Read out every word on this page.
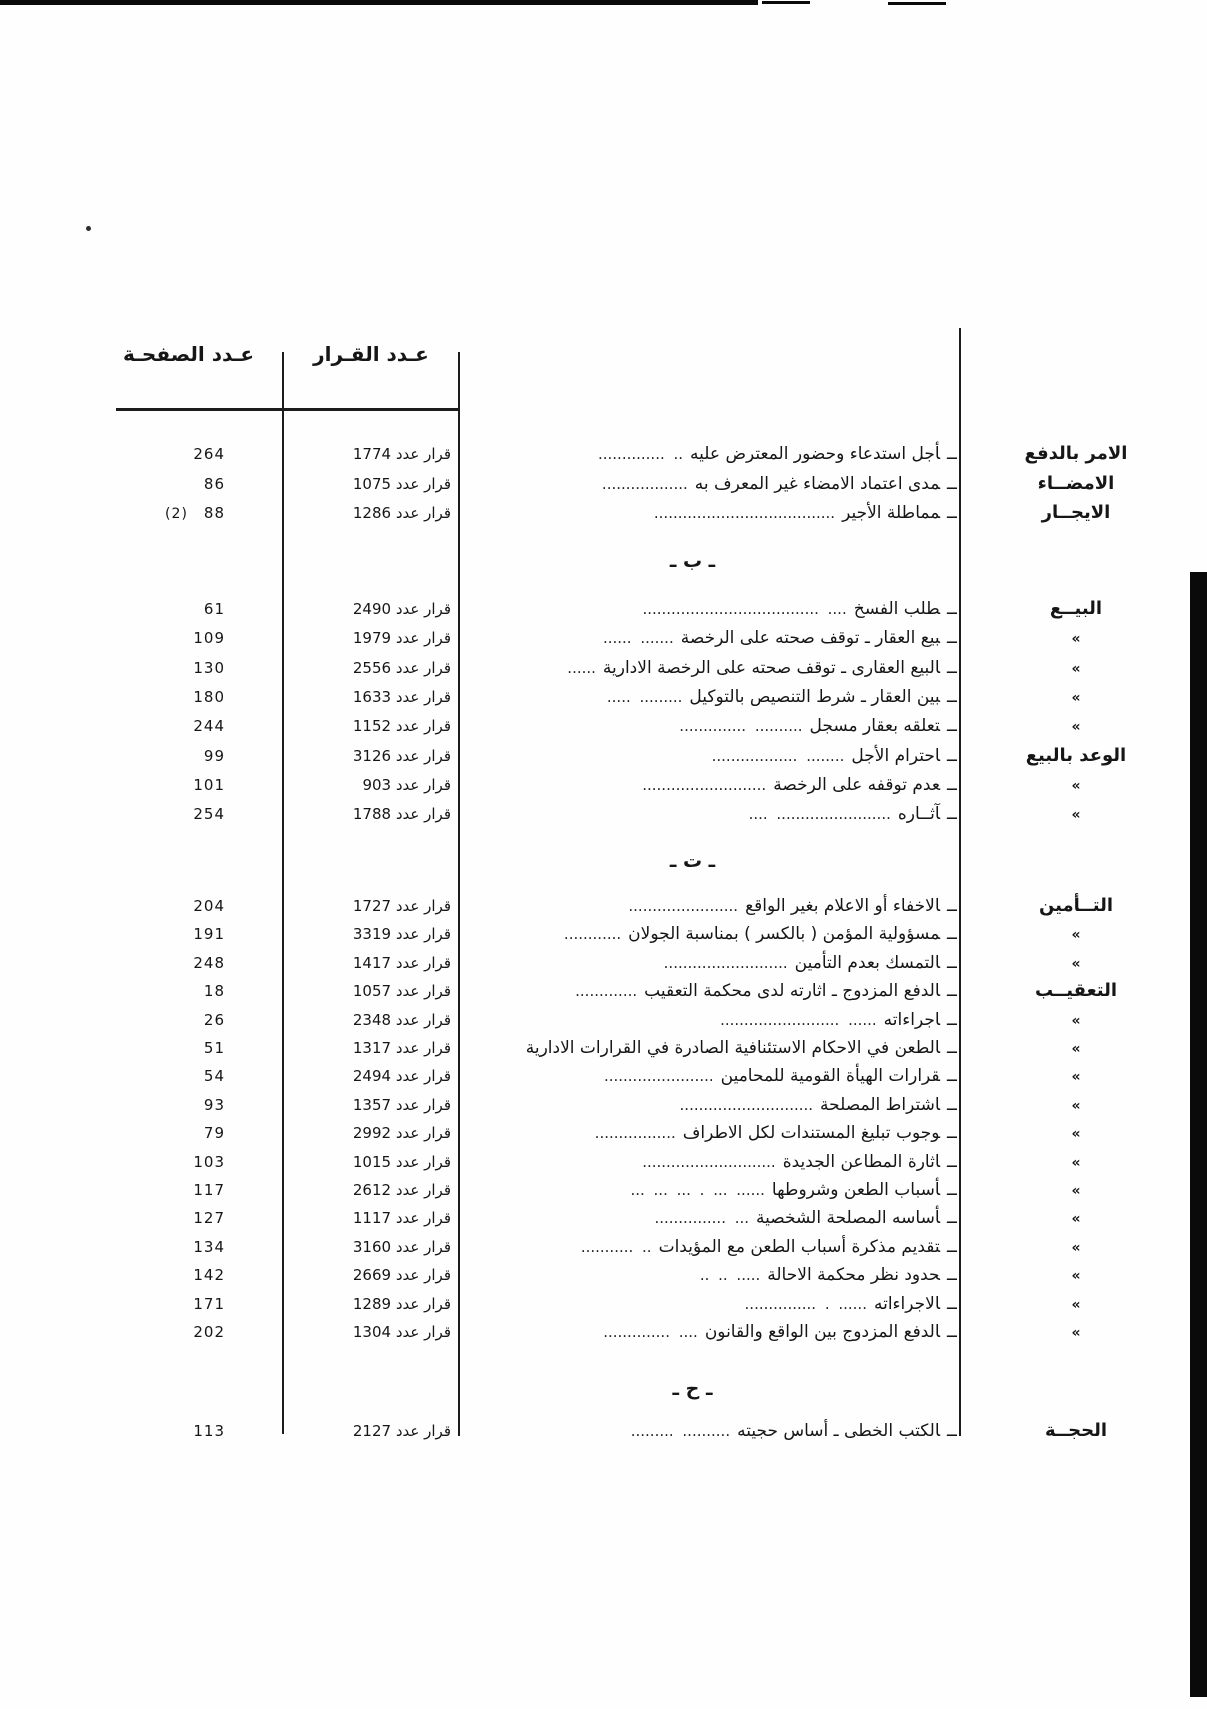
عـدد الصفحـة	عـدد القـرار
264	قرار عدد 1774	ــأجل استدعاء وحضور المعترض عليه.. ..............	الامر بالدفع
86	قرار عدد 1075	ــمدى اعتماد الامضاء غير المعرف به..................	الامضــاء
88(2)	قرار عدد 1286	ــمماطلة الأجير......................................	الايجــار
ـ ب ـ
61	قرار عدد 2490	ــطلب الفسخ.... .....................................	البيــع
109	قرار عدد 1979	ــبيع العقار ـ توقف صحته على الرخصة....... ......	»
130	قرار عدد 2556	ــالبيع العقارى ـ توقف صحته على الرخصة الادارية......	»
180	قرار عدد 1633	ــبين العقار ـ شرط التنصيص بالتوكيل......... .....	»
244	قرار عدد 1152	ــتعلقه بعقار مسجل.......... ..............	»
99	قرار عدد 3126	ــاحترام الأجل........ ..................	الوعد بالبيع
101	قرار عدد 903	ــعدم توقفه على الرخصة..........................	»
254	قرار عدد 1788	ــآثــاره........................ ....	»
ـ ت ـ
204	قرار عدد 1727	ــالاخفاء أو الاعلام بغير الواقع.......................	التــأمين
191	قرار عدد 3319	ــمسؤولية المؤمن ( بالكسر ) بمناسبة الجولان............	»
248	قرار عدد 1417	ــالتمسك بعدم التأمين..........................	»
18	قرار عدد 1057	ــالدفع المزدوج ـ اثارته لدى محكمة التعقيب.............	التعقيــب
26	قرار عدد 2348	ــاجراءاته...... .........................	»
51	قرار عدد 1317	ــالطعن في الاحكام الاستئنافية الصادرة في القرارات الادارية	»
54	قرار عدد 2494	ــقرارات الهيأة القومية للمحامين.......................	»
93	قرار عدد 1357	ــاشتراط المصلحة............................	»
79	قرار عدد 2992	ــوجوب تبليغ المستندات لكل الاطراف.................	»
103	قرار عدد 1015	ــاثارة المطاعن الجديدة............................	»
117	قرار عدد 2612	ــأسباب الطعن وشروطها...... ... . ... ... ...	»
127	قرار عدد 1117	ــأساسه المصلحة الشخصية... ...............	»
134	قرار عدد 3160	ــتقديم مذكرة أسباب الطعن مع المؤيدات.. ...........	»
142	قرار عدد 2669	ــحدود نظر محكمة الاحالة..... .. ..	»
171	قرار عدد 1289	ــالاجراءاته...... . ...............	»
202	قرار عدد 1304	ــالدفع المزدوج بين الواقع والقانون.... ..............	»
ـ ح ـ
113	قرار عدد 2127	ــالكتب الخطى ـ أساس حجيته.......... .........	الحجــة
